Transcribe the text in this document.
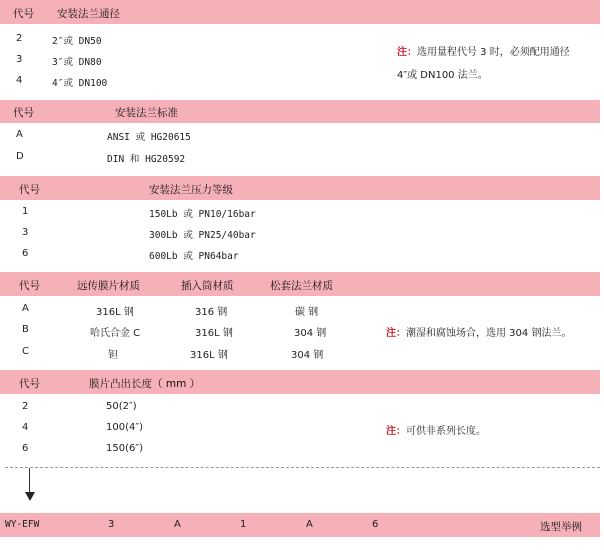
代号 安装法兰通径
2	2″或 DN50
3	3″或 DN80
4	4″或 DN100
注：选用量程代号 3 时，必须配用通径
4″或 DN100 法兰。
代号	安装法兰标准
A	ANSI 或 HG20615
D	DIN 和 HG20592
代号	安装法兰压力等级
1	150Lb 或 PN10/16bar
3	300Lb 或 PN25/40bar
6	600Lb 或 PN64bar
代号	远传膜片材质	插入筒材质	松套法兰材质
A	316L 钢	316 钢	碳 钢
B	哈氏合金 C	316L 钢	304 钢
C	钽	316L 钢	304 钢
注：潮湿和腐蚀场合，选用 304 钢法兰。
代号	膜片凸出长度（ mm ）
2	50(2″)
4	100(4″)
6	150(6″)
注：可供非系列长度。
WY-EFW	3	A	1	A	6	选型举例
